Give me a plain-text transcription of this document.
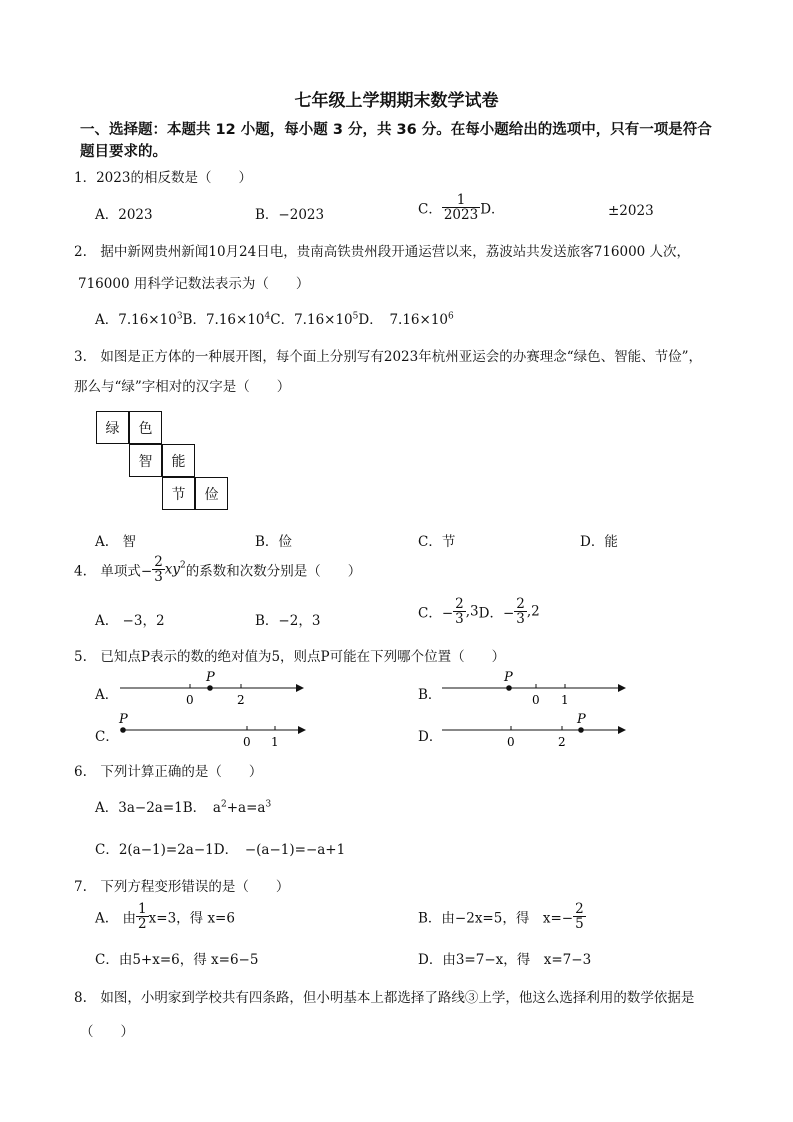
七年级上学期期末数学试卷
一、选择题：本题共 12 小题，每小题 3 分，共 36 分。在每小题给出的选项中，只有一项是符合
题目要求的。
1．2023的相反数是（　　）
A．2023	B．−2023	C． $\frac{1}{2023}$ D．	±2023
2.　据中新网贵州新闻10月24日电，贵南高铁贵州段开通运营以来，荔波站共发送旅客716000 人次，
716000 用科学记数法表示为（　　）
A．$7.16\times 10^3B$．$7.16\times 10^4C$．$7.16\times 10^5D$．　$7.16\times 10^6$
3.　如图是正方体的一种展开图，每个面上分别写有2023年杭州亚运会的办赛理念“绿色、智能、节俭”，
那么与“绿”字相对的汉字是（　　）
绿	色
智	能
节	俭
A.　智	B．俭	C．节	D．能
4.　单项式− $\frac{2}{3} xy^2$的系数和次数分别是（　　）
A.　−3，2	B．−2，3	C．− $\frac{2}{3} ,3D$．− $\frac{2}{3} ,2$
5.　已知点P表示的数的绝对值为5，则点P可能在下列哪个位置（　　）
A．
P
0	2	B．
P
0 1
C．
P
0 1	D．
P
0	2
6.　下列计算正确的是（　　）
A．3a−2a=1B．　$a^2+a=a^3$
C．2(a−1)=2a−1D．　−(a−1)=−a+1
7.　下列方程变形错误的是（　　）
A.　由 $\frac{1}{2} x=3$，得 x=6	B．由−2x=5，得　$x=- \frac{2}{5}$
C．由5+x=6，得 x=6−5	D．由3=7−x，得　x=7−3
8.　如图，小明家到学校共有四条路，但小明基本上都选择了路线③上学，他这么选择利用的数学依据是
（　　）
